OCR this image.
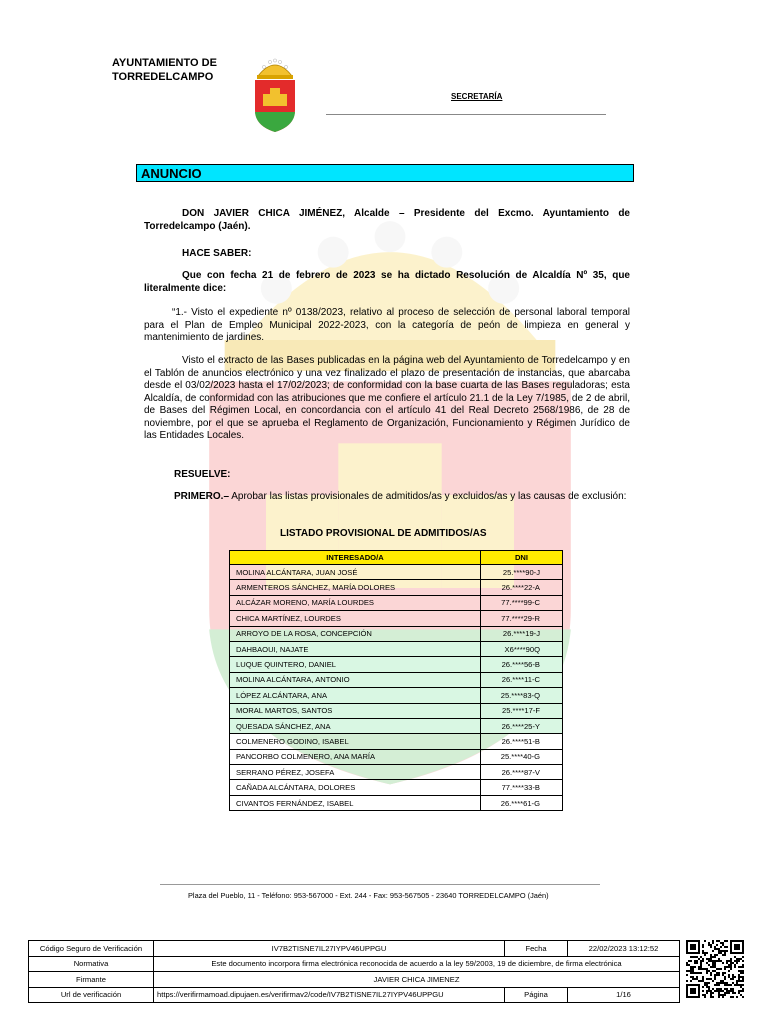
AYUNTAMIENTO DE
TORREDELCAMPO
SECRETARÍA
ANUNCIO
DON JAVIER CHICA JIMÉNEZ, Alcalde – Presidente del Excmo. Ayuntamiento de Torredelcampo (Jaén).
HACE SABER:
Que con fecha 21 de febrero de 2023 se ha dictado Resolución de Alcaldía Nº 35, que literalmente dice:
“1.- Visto el expediente nº 0138/2023, relativo al proceso de selección de personal laboral temporal para el Plan de Empleo Municipal 2022-2023, con la categoría de peón de limpieza en general y mantenimiento de jardines.
Visto el extracto de las Bases publicadas en la página web del Ayuntamiento de Torredelcampo y en el Tablón de anuncios electrónico y una vez finalizado el plazo de presentación de instancias, que abarcaba desde el 03/02/2023 hasta el 17/02/2023; de conformidad con la base cuarta de las Bases reguladoras; esta Alcaldía, de conformidad con las atribuciones que me confiere el artículo 21.1 de la Ley 7/1985, de 2 de abril, de Bases del Régimen Local, en concordancia con el artículo 41 del Real Decreto 2568/1986, de 28 de noviembre, por el que se aprueba el Reglamento de Organización, Funcionamiento y Régimen Jurídico de las Entidades Locales.
RESUELVE:
PRIMERO.– Aprobar las listas provisionales de admitidos/as y excluidos/as y las causas de exclusión:
LISTADO PROVISIONAL DE ADMITIDOS/AS
INTERESADO/A	DNI
MOLINA ALCÁNTARA, JUAN JOSÉ	25.****90-J
ARMENTEROS SÁNCHEZ, MARÍA DOLORES	26.****22-A
ALCÁZAR MORENO, MARÍA LOURDES	77.****99-C
CHICA MARTÍNEZ, LOURDES	77.****29-R
ARROYO DE LA ROSA, CONCEPCIÓN	26.****19-J
DAHBAOUI, NAJATE	X6****90Q
LUQUE QUINTERO, DANIEL	26.****56-B
MOLINA ALCÁNTARA, ANTONIO	26.****11-C
LÓPEZ ALCÁNTARA, ANA	25.****83-Q
MORAL MARTOS, SANTOS	25.****17-F
QUESADA SÁNCHEZ, ANA	26.****25-Y
COLMENERO GODINO, ISABEL	26.****51-B
PANCORBO COLMENERO, ANA MARÍA	25.****40-G
SERRANO PÉREZ, JOSEFA	26.****87-V
CAÑADA ALCÁNTARA, DOLORES	77.****33-B
CIVANTOS FERNÁNDEZ, ISABEL	26.****61-G
Plaza del Pueblo, 11 - Teléfono: 953-567000 - Ext. 244 - Fax: 953-567505 - 23640 TORREDELCAMPO (Jaén)
Código Seguro de Verificación	IV7B2TISNE7IL27IYPV46UPPGU	Fecha	22/02/2023 13:12:52
Normativa	Este documento incorpora firma electrónica reconocida de acuerdo a la ley 59/2003, 19 de diciembre, de firma electrónica		
Firmante	JAVIER CHICA JIMENEZ		
Url de verificación	https://verifirmamoad.dipujaen.es/verifirmav2/code/IV7B2TISNE7IL27IYPV46UPPGU	Página	1/16
